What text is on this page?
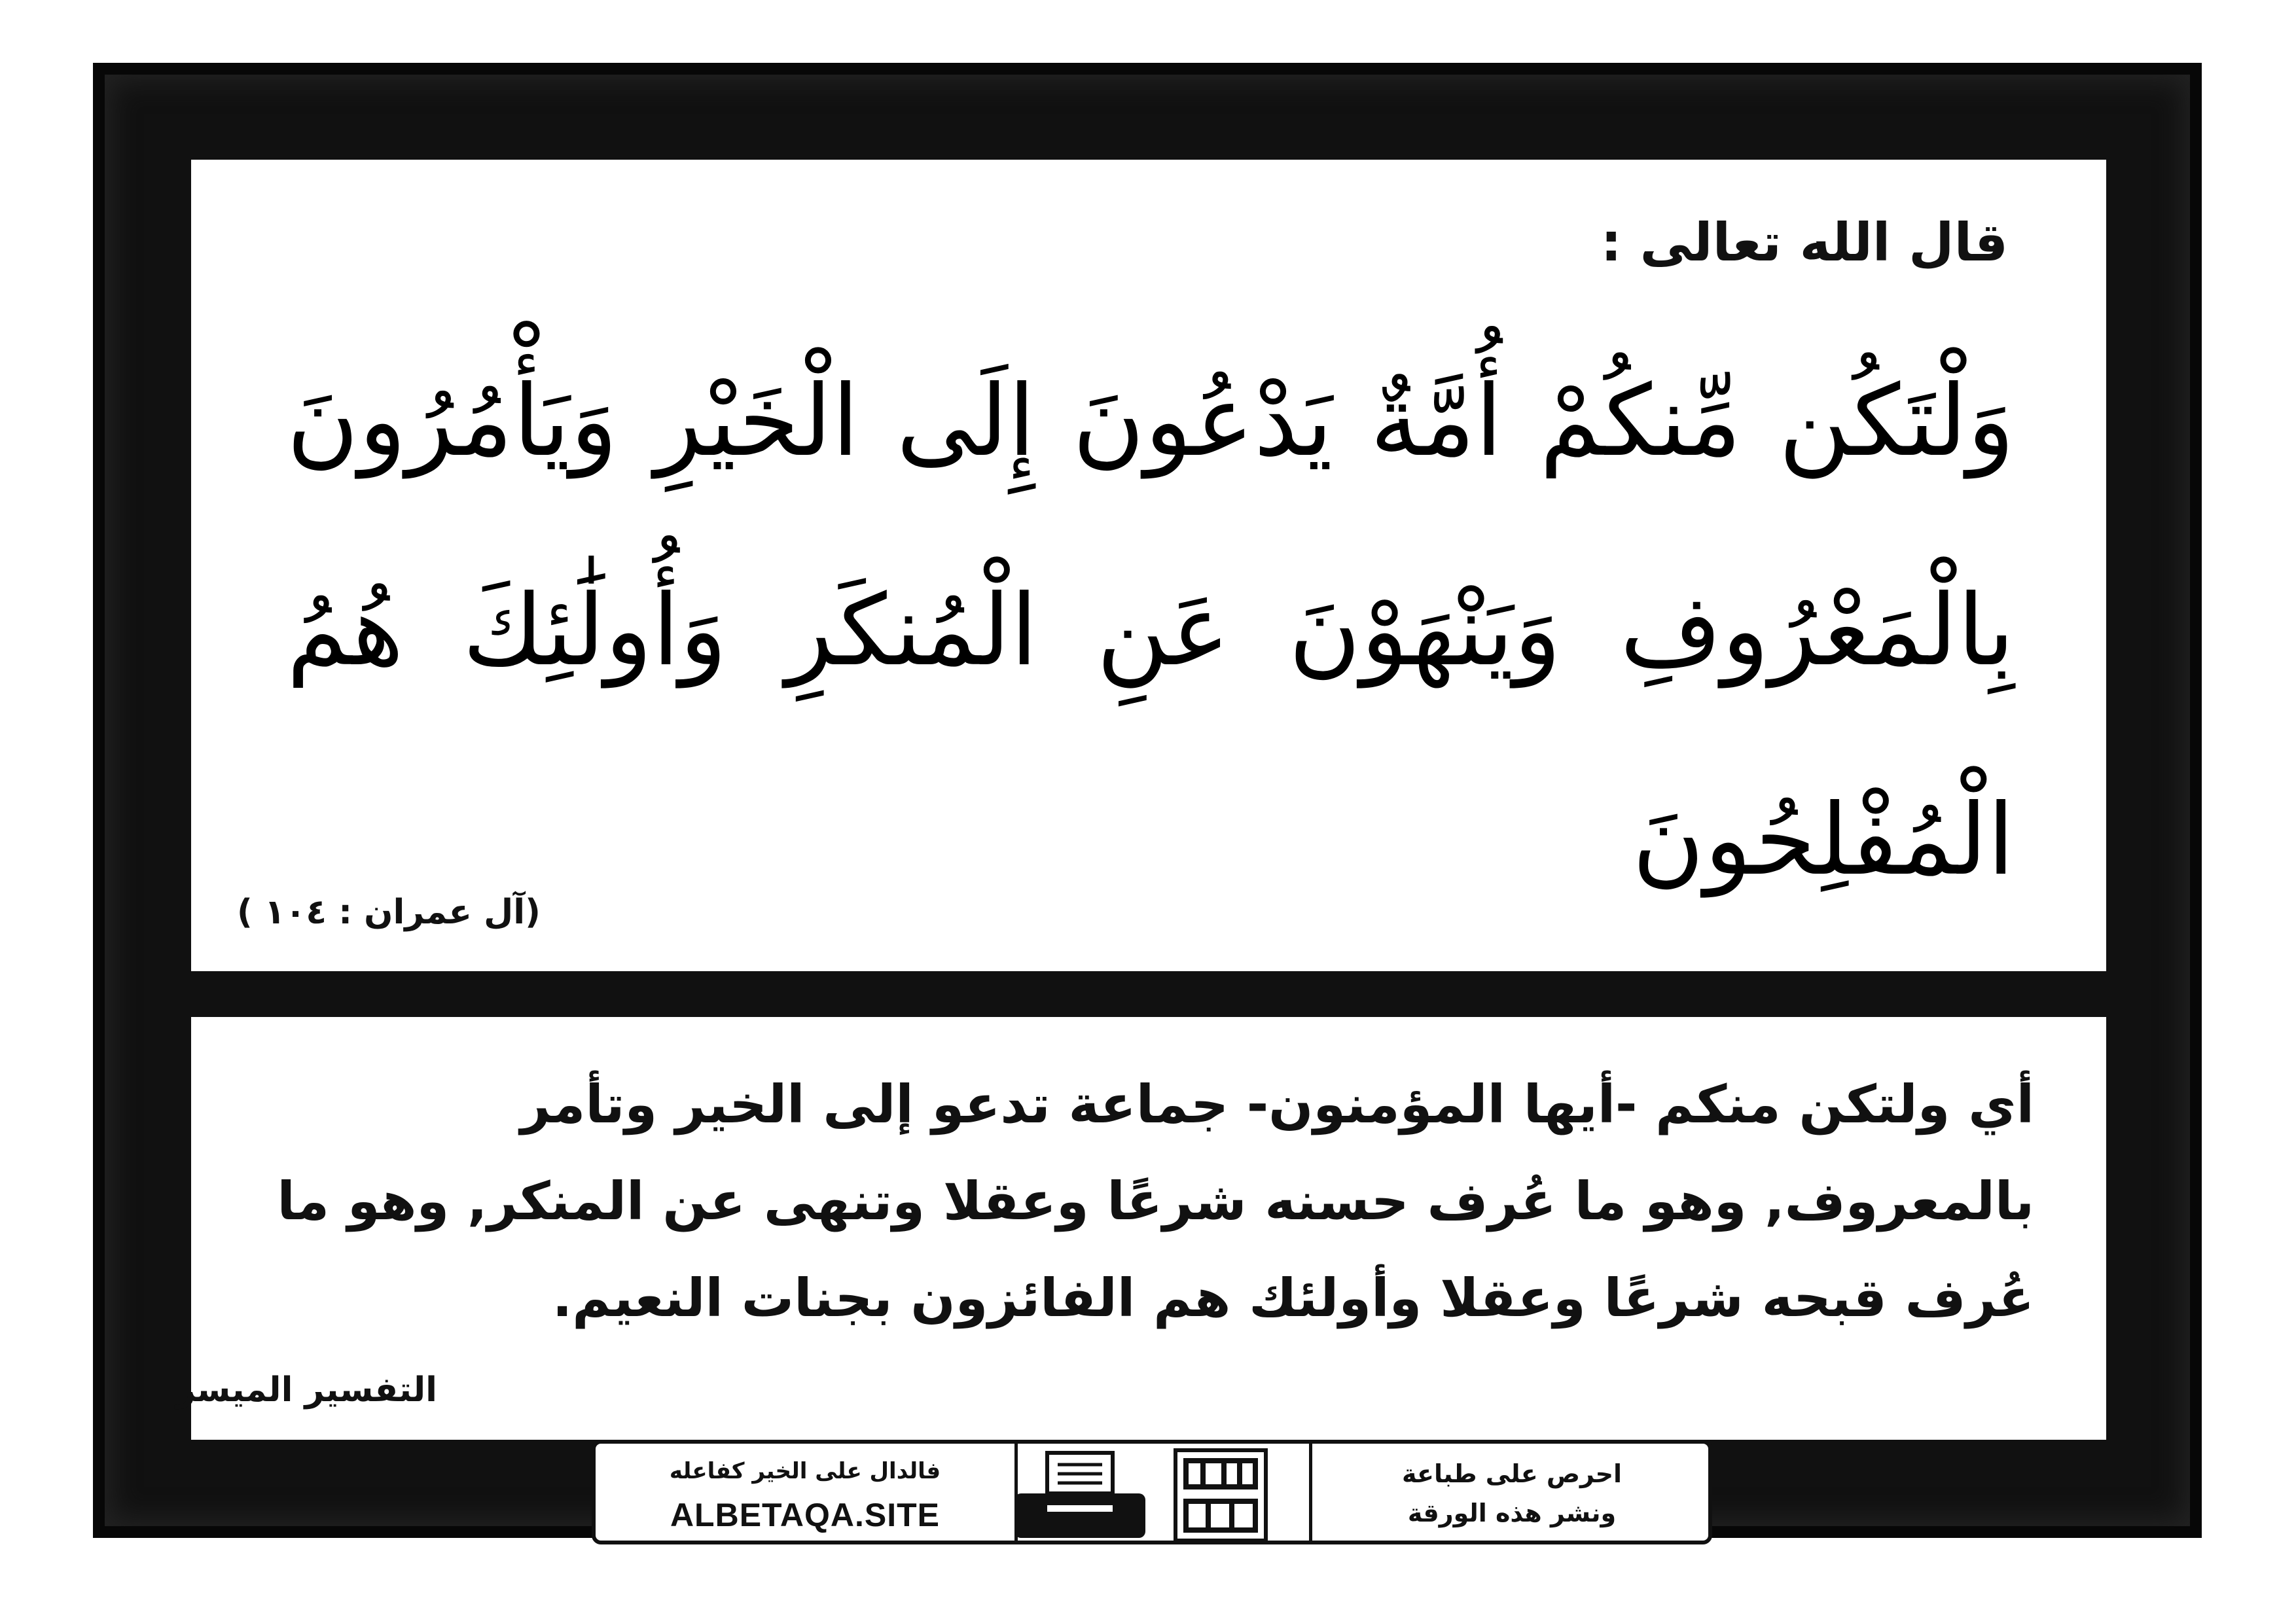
قال الله تعالى :
وَلْتَكُن مِّنكُمْ أُمَّةٌ يَدْعُونَ إِلَى الْخَيْرِ وَيَأْمُرُونَ بِالْمَعْرُوفِ وَيَنْهَوْنَ عَنِ الْمُنكَرِ وَأُولَٰئِكَ هُمُ الْمُفْلِحُونَ
(آل عمران : ١٠٤ )
أي ولتكن منكم -أيها المؤمنون- جماعة تدعو إلى الخير وتأمر بالمعروف, وهو ما عُرف حسنه شرعًا وعقلا وتنهى عن المنكر, وهو ما عُرف قبحه شرعًا وعقلا وأولئك هم الفائزون بجنات النعيم.
التفسير الميسر
فالدال على الخير كفاعله
ALBETAQA.SITE
دعوة الورقة
احرص على طباعة
ونشر هذه الورقة
